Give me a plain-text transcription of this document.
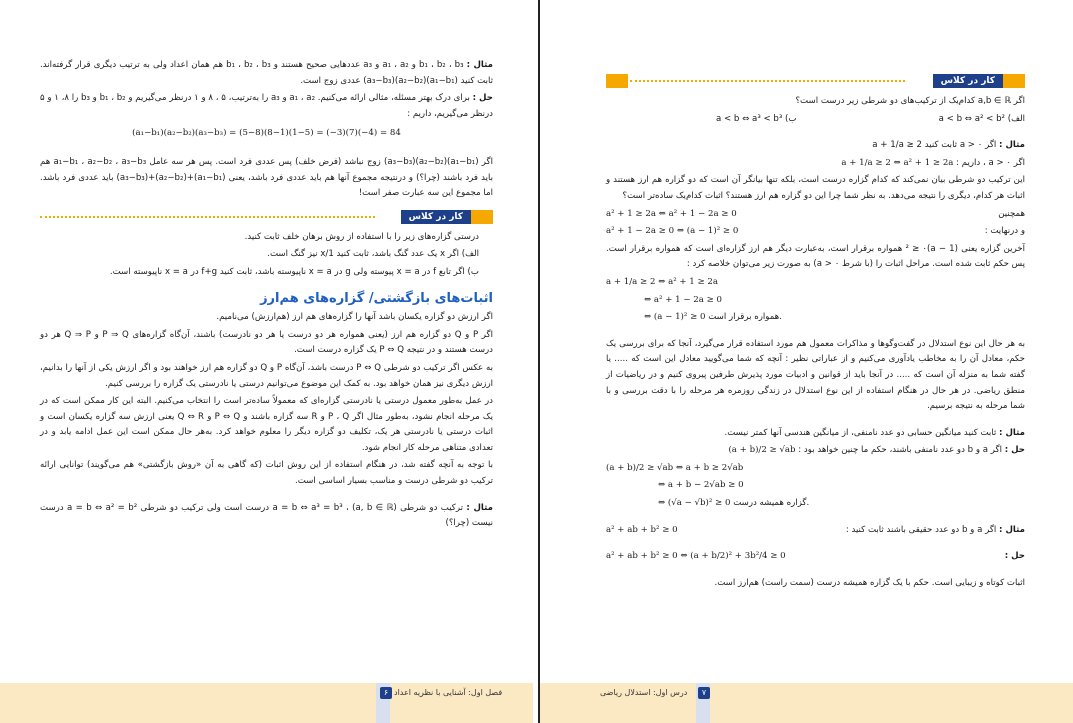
مثال : b₁ ، b₂ ، b₃ و a₁ ، a₂ و a₃ عددهایی صحیح هستند و b₁ ، b₂ ، b₃ هم همان اعداد ولی به ترتیب دیگری قرار گرفته‌اند. ثابت کنید (a₁−b₁)(a₂−b₂)(a₃−b₃) عددی زوج است.

حل : برای درک بهتر مسئله، مثالی ارائه می‌کنیم. a₁ ، a₂ و a₃ را به‌ترتیب، ۵ ، ۸ و ۱ درنظر می‌گیریم و b₁ ، b₂ و b₃ را ۸، ۱ و ۵ درنظر می‌گیریم، داریم :

(a₁−b₁)(a₂−b₂)(a₃−b₃) = (5−8)(8−1)(1−5) = (−3)(7)(−4) = 84

اگر (a₁−b₁)(a₂−b₂)(a₃−b₃) زوج نباشد (فرض خلف) پس عددی فرد است. پس هر سه عامل a₁−b₁ ، a₂−b₂ ، a₃−b₃ هم باید فرد باشند (چرا؟) و درنتیجه مجموع آنها هم باید عددی فرد باشد، یعنی (a₁−b₁)+(a₂−b₂)+(a₃−b₃) باید عددی فرد باشد. اما مجموع این سه عبارت صفر است!

کار در کلاس

درستی گزاره‌های زیر را با استفاده از روش برهان خلف ثابت کنید.

الف) اگر x یک عدد گنگ باشد، ثابت کنید 1/x نیز گنگ است.

ب) اگر تابع f در x = a پیوسته ولی g در x = a ناپیوسته باشد، ثابت کنید f+g در x = a ناپیوسته است.

اثبات‌های بازگشتی/ گزاره‌های هم‌ارز

اگر ارزش دو گزاره یکسان باشد آنها را گزاره‌های هم ارز (هم‌ارزش) می‌نامیم.

اگر P و Q دو گزاره هم ارز (یعنی همواره هر دو درست یا هر دو نادرست) باشند، آن‌گاه گزاره‌های P ⇒ Q و Q ⇒ P هر دو درست هستند و در نتیجه P ⇔ Q یک گزاره درست است.

به عکس اگر ترکیب دو شرطی P ⇔ Q درست باشد، آن‌گاه P و Q دو گزاره هم ارز خواهند بود و اگر ارزش یکی از آنها را بدانیم، ارزش دیگری نیز همان خواهد بود. به کمک این موضوع می‌توانیم درستی یا نادرستی یک گزاره را بررسی کنیم.

در عمل به‌طور معمول درستی یا نادرستی گزاره‌ای که معمولاً ساده‌تر است را انتخاب می‌کنیم. البته این کار ممکن است که در یک مرحله انجام نشود، به‌طور مثال اگر P ، Q و R سه گزاره باشند و P ⇔ Q و Q ⇔ R یعنی ارزش سه گزاره یکسان است و اثبات درستی یا نادرستی هر یک، تکلیف دو گزاره دیگر را معلوم خواهد کرد. به‌هر حال ممکن است این عمل ادامه یابد و در تعدادی متناهی مرحله کار انجام شود.

با توجه به آنچه گفته شد، در هنگام استفاده از این روش اثبات (که گاهی به آن «روش بازگشتی» هم می‌گویند) توانایی ارائه ترکیب دو شرطی درست و مناسب بسیار اساسی است.

مثال : ترکیب دو شرطی (a, b ∈ ℝ) ، a = b ⇔ a³ = b³ درست است ولی ترکیب دو شرطی a = b ⇔ a² = b² درست نیست (چرا؟)

۶ فصل اول: آشنایی با نظریه اعداد
کار در کلاس

اگر a,b ∈ ℝ کدام‌یک از ترکیب‌های دو شرطی زیر درست است؟

الف) a < b ⇔ a² < b²
ب) a < b ⇔ a³ < b³

مثال : اگر a > ۰ ثابت کنید a + 1/a ≥ 2

اگر a > ۰ ، داریم : a + 1/a ≥ 2 ⇔ a² + 1 ≥ 2a

این ترکیب دو شرطی بیان نمی‌کند که کدام گزاره درست است، بلکه تنها بیانگر آن است که دو گزاره هم ارز هستند و اثبات هر کدام، دیگری را نتیجه می‌دهد. به نظر شما چرا این دو گزاره هم ارز هستند؟ اثبات کدام‌یک ساده‌تر است؟

همچنین
a² + 1 ≥ 2a ⇔ a² + 1 − 2a ≥ 0

و درنهایت :
a² + 1 − 2a ≥ 0 ⇔ (a − 1)² ≥ 0

آخرین گزاره یعنی (a − 1)² ≥ ۰ همواره برقرار است، به‌عبارت دیگر هم ارز گزاره‌ای است که همواره برقرار است. پس حکم ثابت شده است. مراحل اثبات را (با شرط a > ۰) به صورت زیر می‌توان خلاصه کرد :

a + 1/a ≥ 2 ⇔ a² + 1 ≥ 2a
⇔ a² + 1 − 2a ≥ 0
⇔ (a − 1)² ≥ 0 همواره برقرار است.

به هر حال این نوع استدلال در گفت‌وگوها و مذاکرات معمول هم مورد استفاده قرار می‌گیرد، آنجا که برای بررسی یک حکم، معادل آن را به مخاطب یادآوری می‌کنیم و از عباراتی نظیر : آنچه که شما می‌گویید معادل این است که ..... یا گفته شما به منزله آن است که ..... در آنجا باید از قوانین و ادبیات مورد پذیرش طرفین پیروی کنیم و در ریاضیات از منطق ریاضی. در هر حال در هنگام استفاده از این نوع استدلال در زندگی روزمره هر مرحله را با دقت بررسی و با شما مرحله به نتیجه برسیم.

مثال : ثابت کنید میانگین حسابی دو عدد نامنفی، از میانگین هندسی آنها کمتر نیست.

حل : اگر a و b دو عدد نامنفی باشند، حکم ما چنین خواهد بود : (a + b)/2 ≥ √ab

(a + b)/2 ≥ √ab ⇔ a + b ≥ 2√ab
⇔ a + b − 2√ab ≥ 0
⇔ (√a − √b)² ≥ 0 گزاره همیشه درست.

مثال : اگر a و b دو عدد حقیقی باشند ثابت کنید :
a² + ab + b² ≥ 0

حل :
a² + ab + b² ≥ 0 ⇔ (a + b/2)² + 3b²/4 ≥ 0

اثبات کوتاه و زیبایی است. حکم با یک گزاره همیشه درست (سمت راست) هم‌ارز است.

۷
درس اول: استدلال ریاضی
